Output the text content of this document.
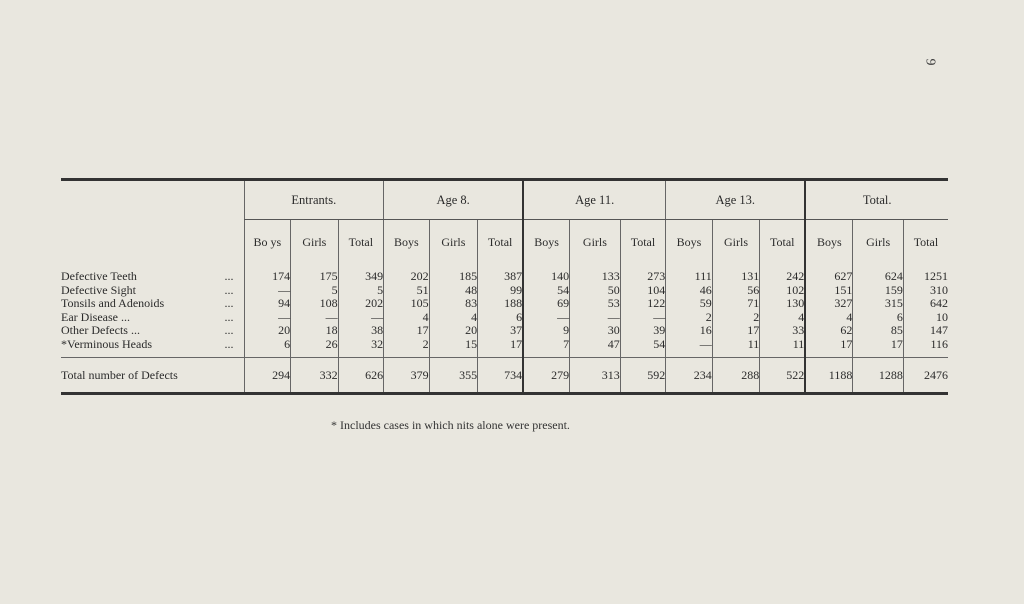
9
	Entrants.			Age 8.			Age 11.			Age 13.			Total.		
	Bo ys	Girls	Total	Boys	Girls	Total	Boys	Girls	Total	Boys	Girls	Total	Boys	Girls	Total

Defective Teeth ...	174	175	349	202	185	387	140	133	273	111	131	242	627	624	1251

Defective Sight ...	—	5	5	51	48	99	54	50	104	46	56	102	151	159	310

Tonsils and Adenoids ...	94	108	202	105	83	188	69	53	122	59	71	130	327	315	642

Ear Disease ... ...	—	—	—	4	4	6	—	—	—	2	2	4	4	6	10

Other Defects ... ...	20	18	38	17	20	37	9	30	39	16	17	33	62	85	147

*Verminous Heads ...	6	26	32	2	15	17	7	47	54	—	11	11	17	17	116

Total number of Defects	294	332	626	379	355	734	279	313	592	234	288	522	1188	1288	2476
* Includes cases in which nits alone were present.
